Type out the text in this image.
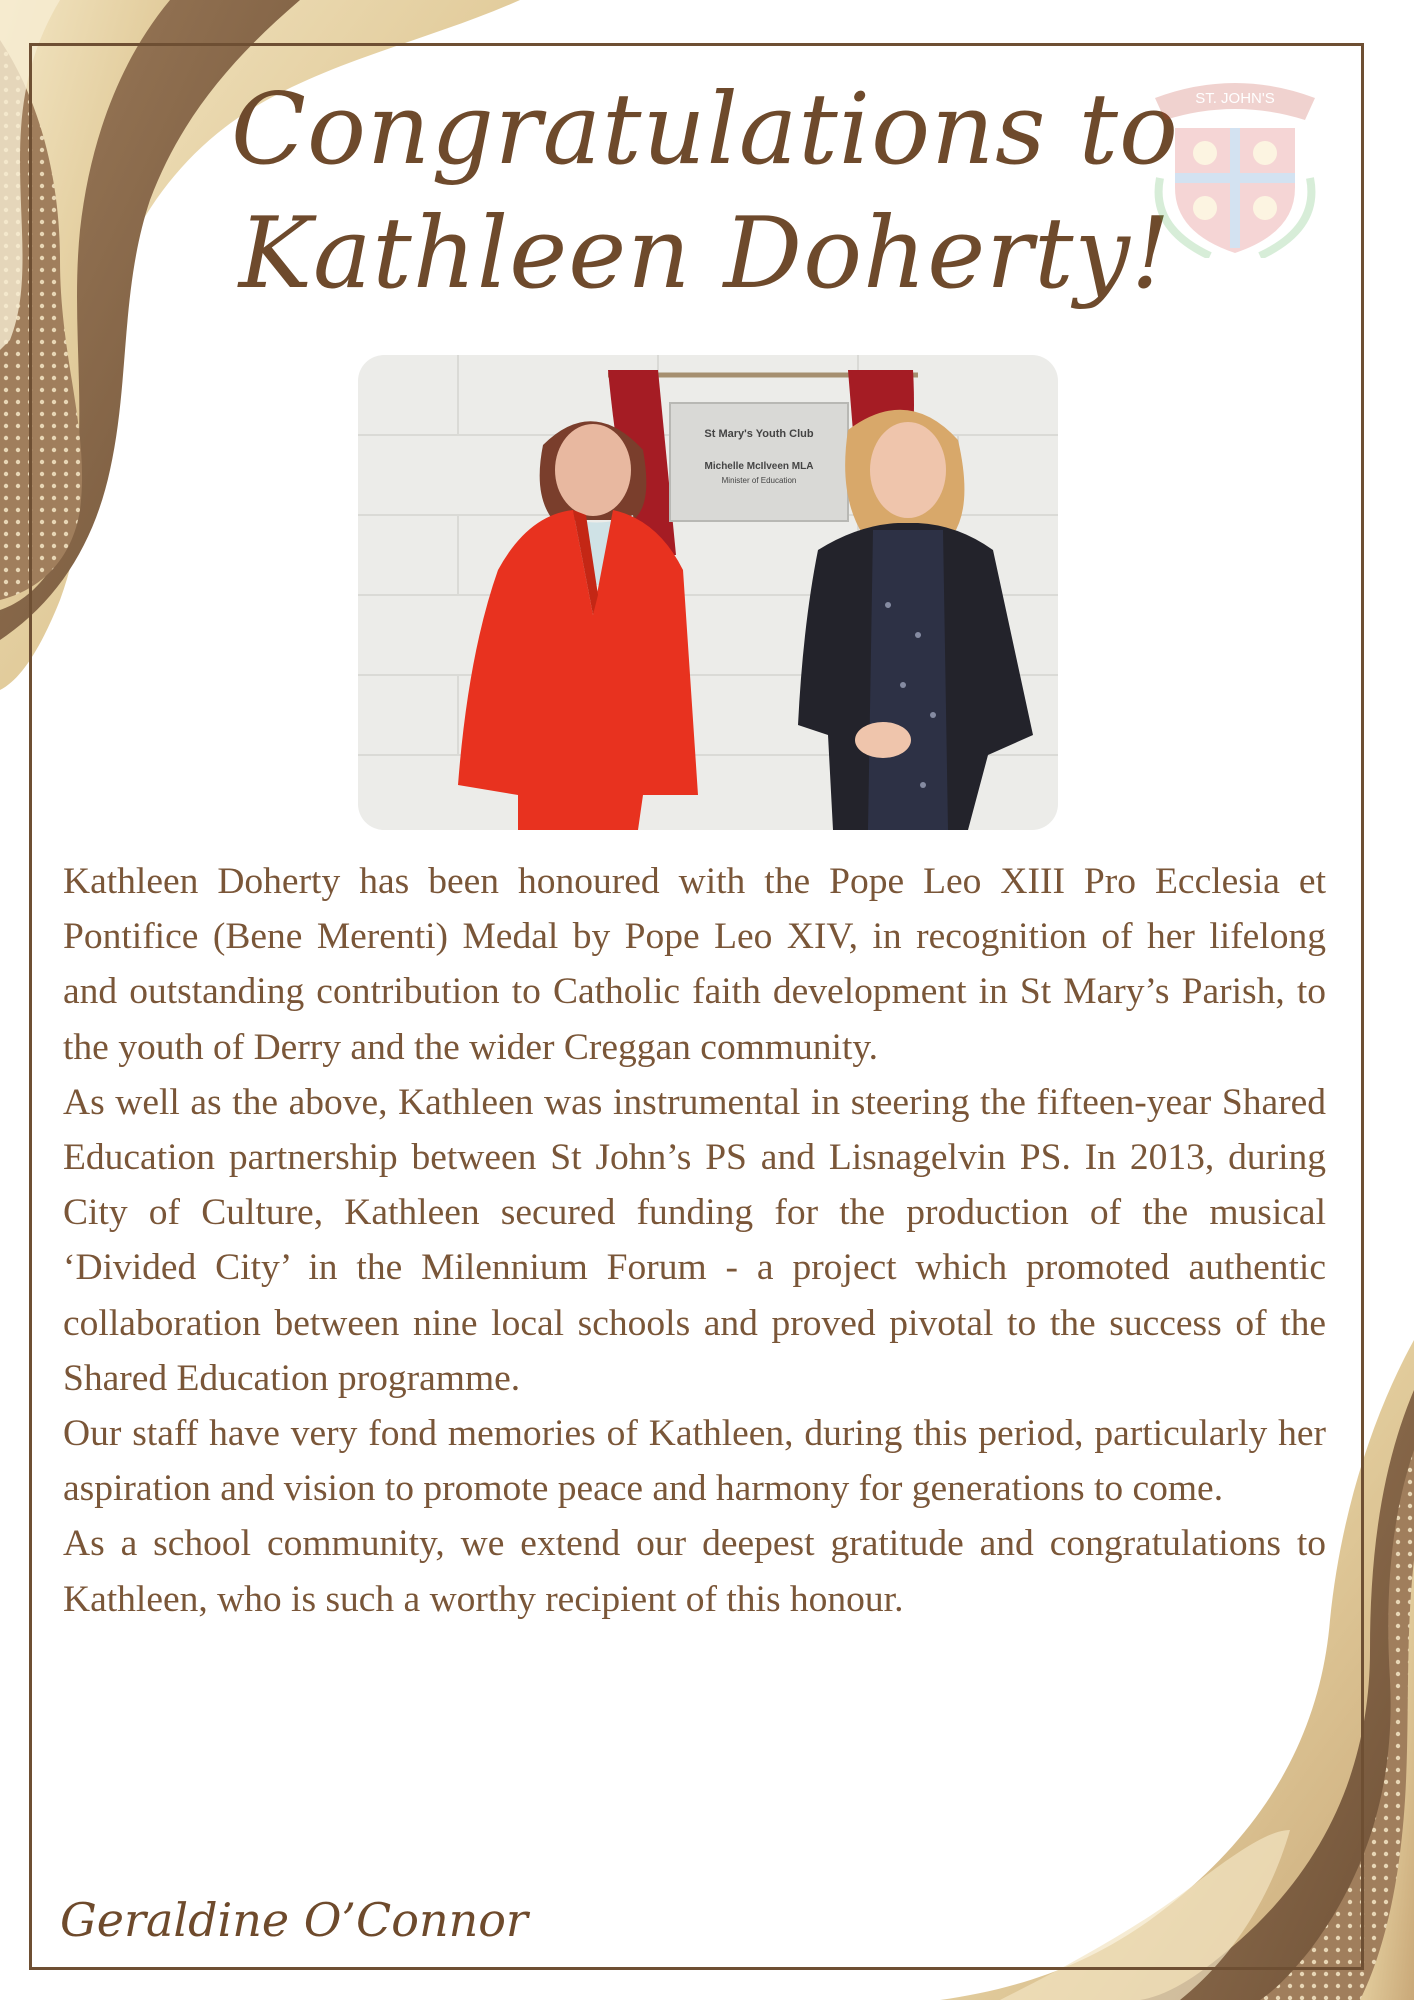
Congratulations to
Kathleen Doherty!
ST. JOHN'S
St Mary's Youth Club
Michelle McIlveen MLA
Minister of Education

Kathleen Doherty has been honoured with the Pope Leo XIII Pro Ecclesia et Pontifice (Bene Merenti) Medal by Pope Leo XIV, in recognition of her lifelong and outstanding contribution to Catholic faith development in St Mary’s Parish, to the youth of Derry and the wider Creggan community.

As well as the above, Kathleen was instrumental in steering the fifteen-year Shared Education partnership between St John’s PS and Lisnagelvin PS. In 2013, during City of Culture, Kathleen secured funding for the production of the musical ‘Divided City’ in the Milennium Forum - a project which promoted authentic collaboration between nine local schools and proved pivotal to the success of the Shared Education programme.

Our staff have very fond memories of Kathleen, during this period, particularly her aspiration and vision to promote peace and harmony for generations to come.

As a school community, we extend our deepest gratitude and congratulations to Kathleen, who is such a worthy recipient of this honour.

Geraldine O’Connor
